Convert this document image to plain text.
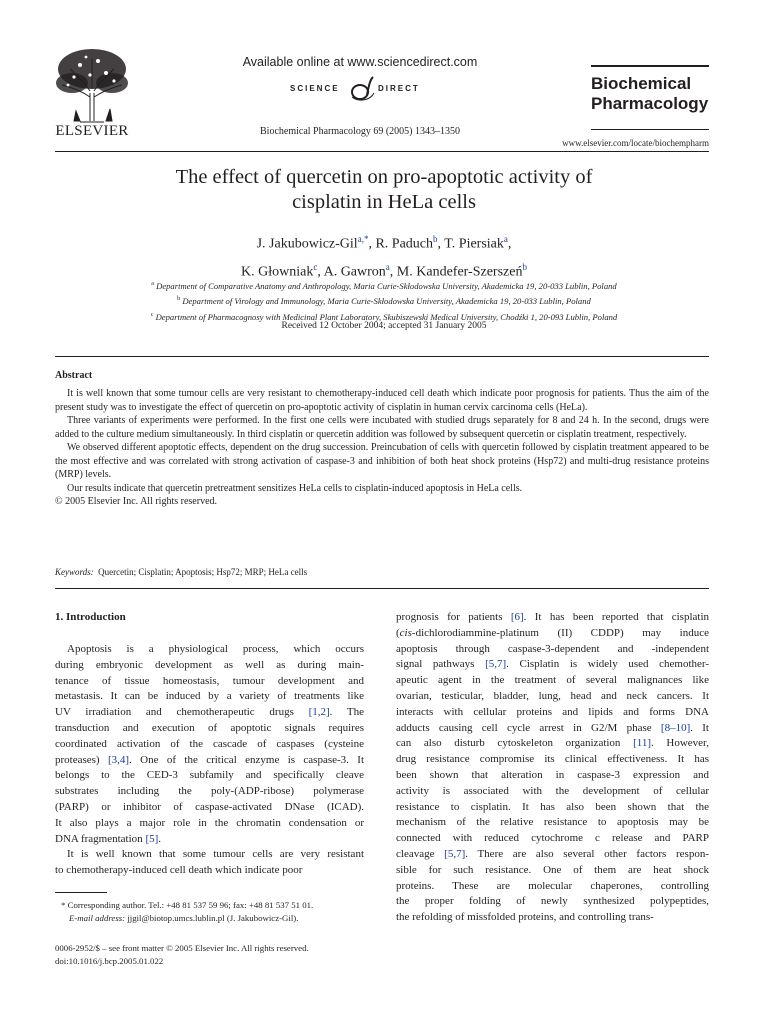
ELSEVIER
Available online at www.sciencedirect.com
SCIENCE	DIRECT
Biochemical Pharmacology 69 (2005) 1343–1350
Biochemical
Pharmacology
www.elsevier.com/locate/biochempharm
The effect of quercetin on pro-apoptotic activity of
cisplatin in HeLa cells
J. Jakubowicz-Gil$^{a,*}$, R. Paduch$^b$, T. Piersiak$^a$,
K. Głowniak$^c$, A. Gawron$^a$, M. Kandefer-Szerszeń$^b$
$^a$ Department of Comparative Anatomy and Anthropology, Maria Curie-Skłodowska University, Akademicka 19, 20-033 Lublin, Poland
$^b$ Department of Virology and Immunology, Maria Curie-Skłodowska University, Akademicka 19, 20-033 Lublin, Poland
$^c$ Department of Pharmacognosy with Medicinal Plant Laboratory, Skubiszewski Medical University, Chodźki 1, 20-093 Lublin, Poland
Received 12 October 2004; accepted 31 January 2005
Abstract
It is well known that some tumour cells are very resistant to chemotherapy-induced cell death which indicate poor prognosis for patients. Thus the aim of the present study was to investigate the effect of quercetin on pro-apoptotic activity of cisplatin in human cervix carcinoma cells (HeLa).
Three variants of experiments were performed. In the first one cells were incubated with studied drugs separately for 8 and 24 h. In the second, drugs were added to the culture medium simultaneously. In third cisplatin or quercetin addition was followed by subsequent quercetin or cisplatin treatment, respectively.
We observed different apoptotic effects, dependent on the drug succession. Preincubation of cells with quercetin followed by cisplatin treatment appeared to be the most effective and was correlated with strong activation of caspase-3 and inhibition of both heat shock proteins (Hsp72) and multi-drug resistance proteins (MRP) levels.
Our results indicate that quercetin pretreatment sensitizes HeLa cells to cisplatin-induced apoptosis in HeLa cells.
© 2005 Elsevier Inc. All rights reserved.
Keywords: Quercetin; Cisplatin; Apoptosis; Hsp72; MRP; HeLa cells
1. Introduction
Apoptosis is a physiological process, which occurs
during embryonic development as well as during main-
tenance of tissue homeostasis, tumour development and
metastasis. It can be induced by a variety of treatments like
UV irradiation and chemotherapeutic drugs [1,2]. The
transduction and execution of apoptotic signals requires
coordinated activation of the cascade of caspases (cysteine
proteases) [3,4]. One of the critical enzyme is caspase-3. It
belongs to the CED-3 subfamily and specifically cleave
substrates including the poly-(ADP-ribose) polymerase
(PARP) or inhibitor of caspase-activated DNase (ICAD).
It also plays a major role in the chromatin condensation or
DNA fragmentation [5].
It is well known that some tumour cells are very resistant
to chemotherapy-induced cell death which indicate poor
prognosis for patients [6]. It has been reported that cisplatin
(cis-dichlorodiammine-platinum (II) CDDP) may induce
apoptosis through caspase-3-dependent and -independent
signal pathways [5,7]. Cisplatin is widely used chemother-
apeutic agent in the treatment of several malignances like
ovarian, testicular, bladder, lung, head and neck cancers. It
interacts with cellular proteins and lipids and forms DNA
adducts causing cell cycle arrest in G2/M phase [8–10]. It
can also disturb cytoskeleton organization [11]. However,
drug resistance compromise its clinical effectiveness. It has
been shown that alteration in caspase-3 expression and
activity is associated with the development of cellular
resistance to cisplatin. It has also been shown that the
mechanism of the relative resistance to apoptosis may be
connected with reduced cytochrome c release and PARP
cleavage [5,7]. There are also several other factors respon-
sible for such resistance. One of them are heat shock
proteins. These are molecular chaperones, controlling
the proper folding of newly synthesized polypeptides,
the refolding of missfolded proteins, and controlling trans-
* Corresponding author. Tel.: +48 81 537 59 96; fax: +48 81 537 51 01.
E-mail address: jjgil@biotop.umcs.lublin.pl (J. Jakubowicz-Gil).
0006-2952/$ – see front matter © 2005 Elsevier Inc. All rights reserved.
doi:10.1016/j.bcp.2005.01.022
